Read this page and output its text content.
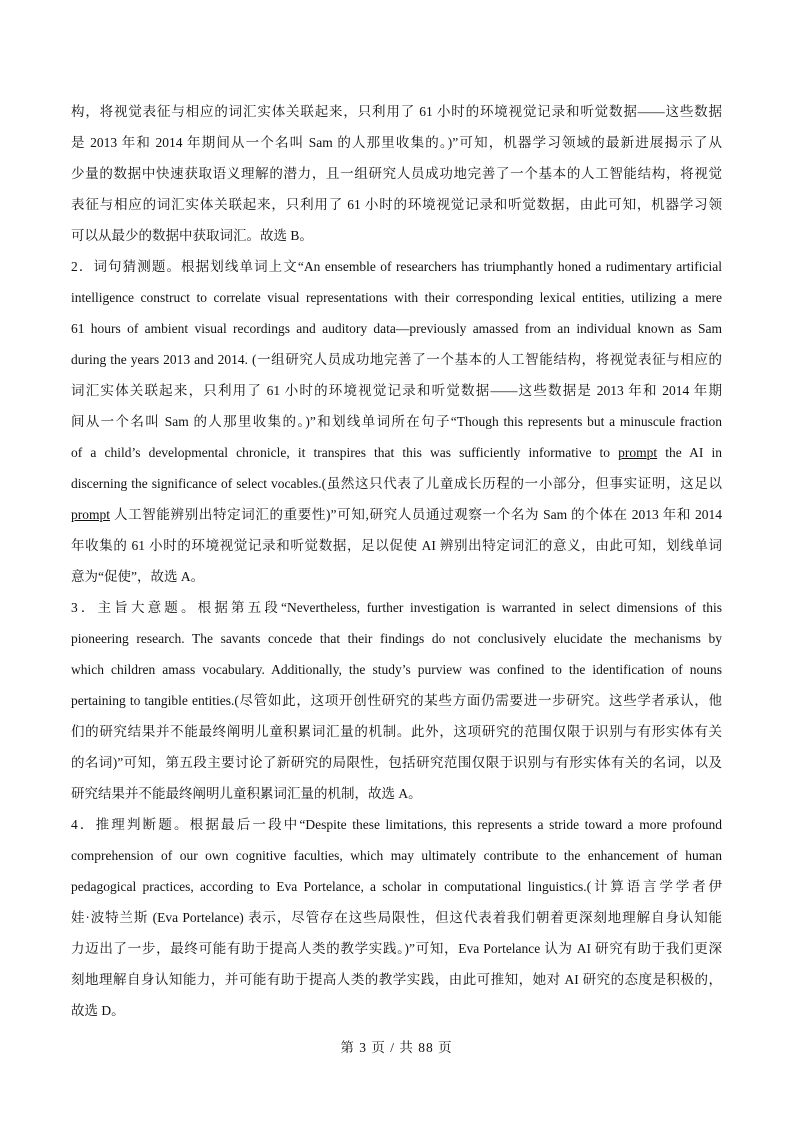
构，将视觉表征与相应的词汇实体关联起来，只利用了 61 小时的环境视觉记录和听觉数据——这些数据
是 2013 年和 2014 年期间从一个名叫 Sam 的人那里收集的。)”可知，机器学习领域的最新进展揭示了从
少量的数据中快速获取语义理解的潜力，且一组研究人员成功地完善了一个基本的人工智能结构，将视觉
表征与相应的词汇实体关联起来，只利用了 61 小时的环境视觉记录和听觉数据，由此可知，机器学习领
可以从最少的数据中获取词汇。故选 B。
2．词句猜测题。根据划线单词上文“An ensemble of researchers has triumphantly honed a rudimentary artificial
intelligence construct to correlate visual representations with their corresponding lexical entities, utilizing a mere
61 hours of ambient visual recordings and auditory data—previously amassed from an individual known as Sam
during the years 2013 and 2014. (一组研究人员成功地完善了一个基本的人工智能结构，将视觉表征与相应的
词汇实体关联起来，只利用了 61 小时的环境视觉记录和听觉数据——这些数据是 2013 年和 2014 年期
间从一个名叫 Sam 的人那里收集的。)”和划线单词所在句子“Though this represents but a minuscule fraction
of a child’s developmental chronicle, it transpires that this was sufficiently informative to prompt the AI in
discerning the significance of select vocables.(虽然这只代表了儿童成长历程的一小部分，但事实证明，这足以
prompt 人工智能辨别出特定词汇的重要性)”可知,研究人员通过观察一个名为 Sam 的个体在 2013 年和 2014
年收集的 61 小时的环境视觉记录和听觉数据，足以促使 AI 辨别出特定词汇的意义，由此可知，划线单词
意为“促使”，故选 A。
3．主旨大意题。根据第五段“Nevertheless, further investigation is warranted in select dimensions of this
pioneering research. The savants concede that their findings do not conclusively elucidate the mechanisms by
which children amass vocabulary. Additionally, the study’s purview was confined to the identification of nouns
pertaining to tangible entities.(尽管如此，这项开创性研究的某些方面仍需要进一步研究。这些学者承认，他
们的研究结果并不能最终阐明儿童积累词汇量的机制。此外，这项研究的范围仅限于识别与有形实体有关
的名词)”可知，第五段主要讨论了新研究的局限性，包括研究范围仅限于识别与有形实体有关的名词，以及
研究结果并不能最终阐明儿童积累词汇量的机制，故选 A。
4．推理判断题。根据最后一段中“Despite these limitations, this represents a stride toward a more profound
comprehension of our own cognitive faculties, which may ultimately contribute to the enhancement of human
pedagogical practices, according to Eva Portelance, a scholar in computational linguistics.(计算语言学学者伊
娃·波特兰斯 (Eva Portelance) 表示，尽管存在这些局限性，但这代表着我们朝着更深刻地理解自身认知能
力迈出了一步，最终可能有助于提高人类的教学实践。)”可知，Eva Portelance 认为 AI 研究有助于我们更深
刻地理解自身认知能力，并可能有助于提高人类的教学实践，由此可推知，她对 AI 研究的态度是积极的，
故选 D。
第 3 页 / 共 88 页
